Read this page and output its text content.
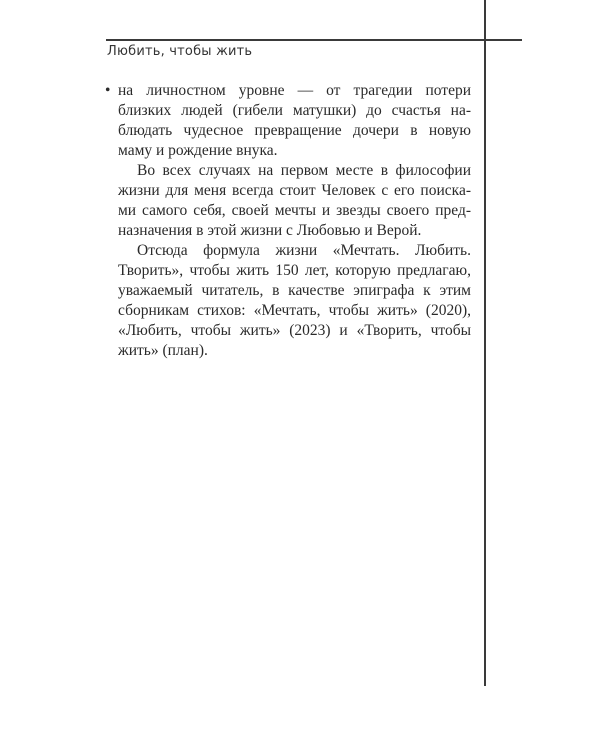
Любить, чтобы жить
• на личностном уровне — от трагедии потери
близких людей (гибели матушки) до счастья на-
блюдать чудесное превращение дочери в новую
маму и рождение внука.
Во всех случаях на первом месте в философии
жизни для меня всегда стоит Человек с его поиска-
ми самого себя, своей мечты и звезды своего пред-
назначения в этой жизни с Любовью и Верой.
Отсюда формула жизни «Мечтать. Любить.
Творить», чтобы жить 150 лет, которую предлагаю,
уважаемый читатель, в качестве эпиграфа к этим
сборникам стихов: «Мечтать, чтобы жить» (2020),
«Любить, чтобы жить» (2023) и «Творить, чтобы
жить» (план).
